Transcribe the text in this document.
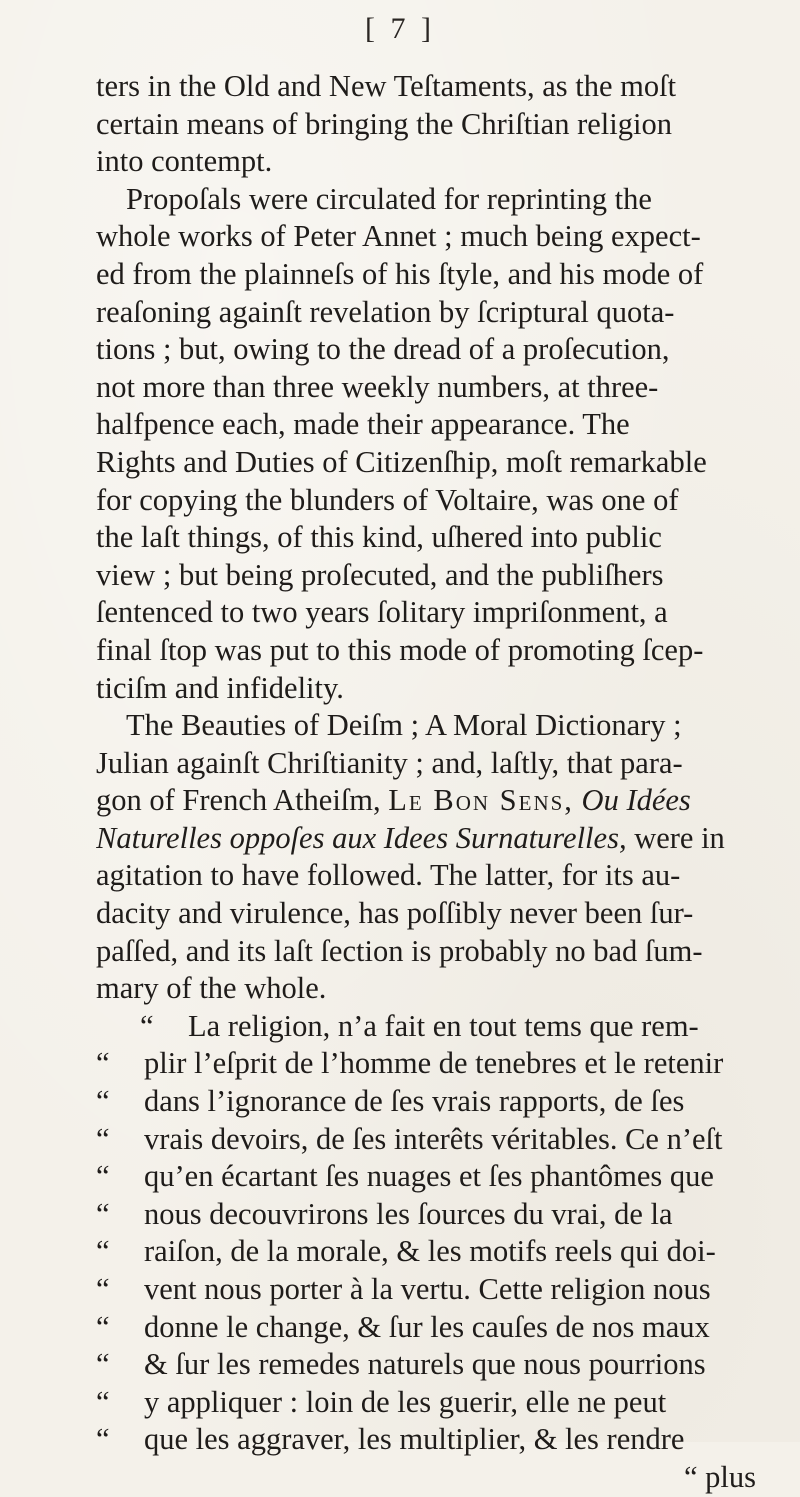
[ 7 ]
ters in the Old and New Teſtaments, as the moſt
certain means of bringing the Chriſtian religion
into contempt.
Propoſals were circulated for reprinting the
whole works of Peter Annet ; much being expect-
ed from the plainneſs of his ſtyle, and his mode of
reaſoning againſt revelation by ſcriptural quota-
tions ; but, owing to the dread of a proſecution,
not more than three weekly numbers, at three-
halfpence each, made their appearance. The
Rights and Duties of Citizenſhip, moſt remarkable
for copying the blunders of Voltaire, was one of
the laſt things, of this kind, uſhered into public
view ; but being proſecuted, and the publiſhers
ſentenced to two years ſolitary impriſonment, a
final ſtop was put to this mode of promoting ſcep-
ticiſm and infidelity.
The Beauties of Deiſm ; A Moral Dictionary ;
Julian againſt Chriſtianity ; and, laſtly, that para-
gon of French Atheiſm, Le Bon Sens, Ou Idées
Naturelles oppoſes aux Idees Surnaturelles, were in
agitation to have followed. The latter, for its au-
dacity and virulence, has poſſibly never been ſur-
paſſed, and its laſt ſection is probably no bad ſum-
mary of the whole.
“ La religion, n’a fait en tout tems que rem-
“ plir l’eſprit de l’homme de tenebres et le retenir
“ dans l’ignorance de ſes vrais rapports, de ſes
“ vrais devoirs, de ſes interêts véritables. Ce n’eſt
“ qu’en écartant ſes nuages et ſes phantômes que
“ nous decouvrirons les ſources du vrai, de la
“ raiſon, de la morale, & les motifs reels qui doi-
“ vent nous porter à la vertu. Cette religion nous
“ donne le change, & ſur les cauſes de nos maux
“ & ſur les remedes naturels que nous pourrions
“ y appliquer : loin de les guerir, elle ne peut
“ que les aggraver, les multiplier, & les rendre
“ plus
